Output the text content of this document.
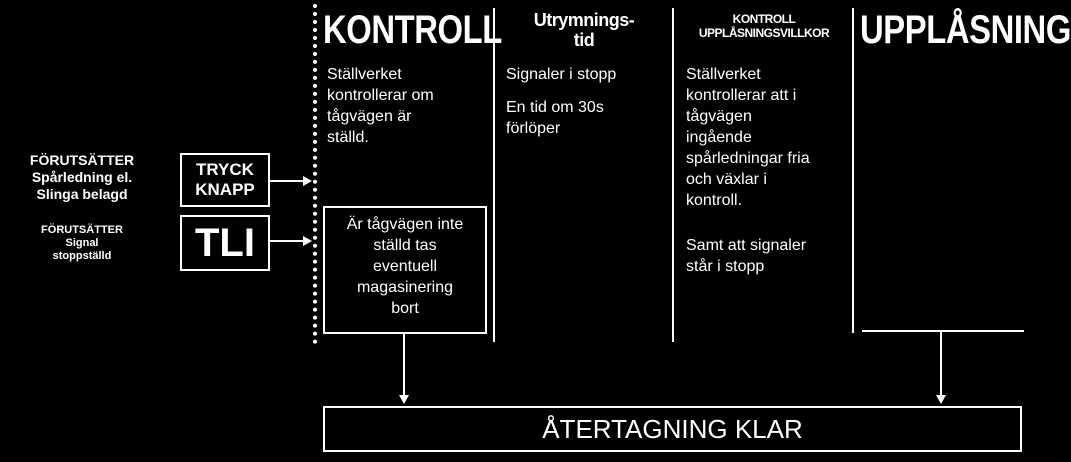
KONTROLL	Utrymnings-
tid
KONTROLL
UPPLÅSNINGSVILLKOR UPPLÅSNING
Ställverket
kontrollerar om
tågvägen är
ställd.
Signaler i stopp
En tid om 30s
förlöper
Ställverket
kontrollerar att i
tågvägen
ingående
spårledningar fria
och växlar i
kontroll.
Samt att signaler
står i stopp
Är tågvägen inte
ställd tas
eventuell
magasinering
bort
FÖRUTSÄTTER
Spårledning el.
Slinga belagd
FÖRUTSÄTTER
Signal
stoppställd
TRYCK
KNAPP
TLI
ÅTERTAGNING KLAR
